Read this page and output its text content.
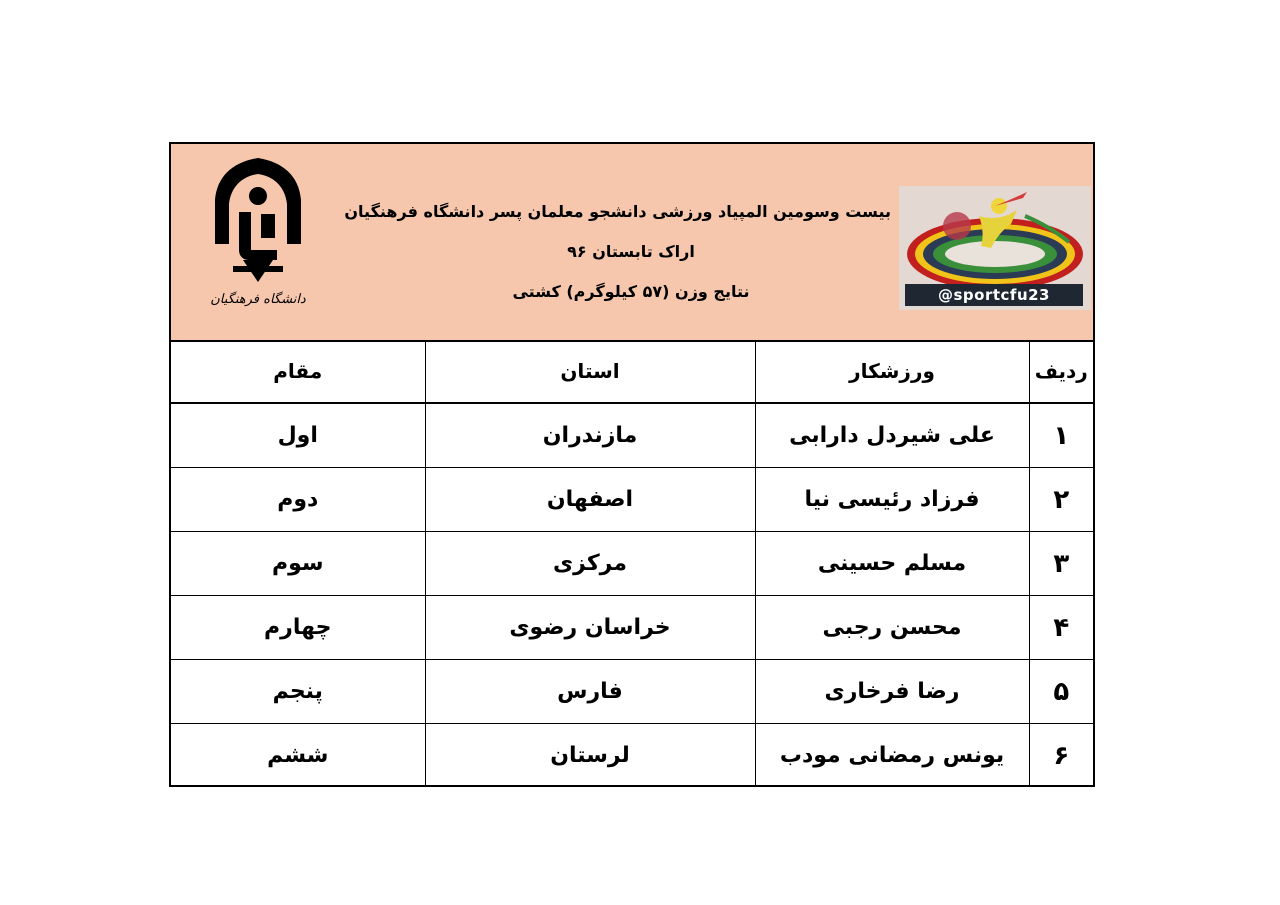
دانشگاه فرهنگیان
بیست وسومین المپیاد ورزشی دانشجو معلمان پسر دانشگاه فرهنگیان
اراک تابستان ۹۶
نتایج وزن (۵۷ کیلوگرم) کشتی	@sportcfu23
ردیف	ورزشکار	استان	مقام
۱	علی شیردل دارابی	مازندران	اول
۲	فرزاد رئیسی نیا	اصفهان	دوم
۳	مسلم حسینی	مرکزی	سوم
۴	محسن رجبی	خراسان رضوی	چهارم
۵	رضا فرخاری	فارس	پنجم
۶	یونس رمضانی مودب	لرستان	ششم
